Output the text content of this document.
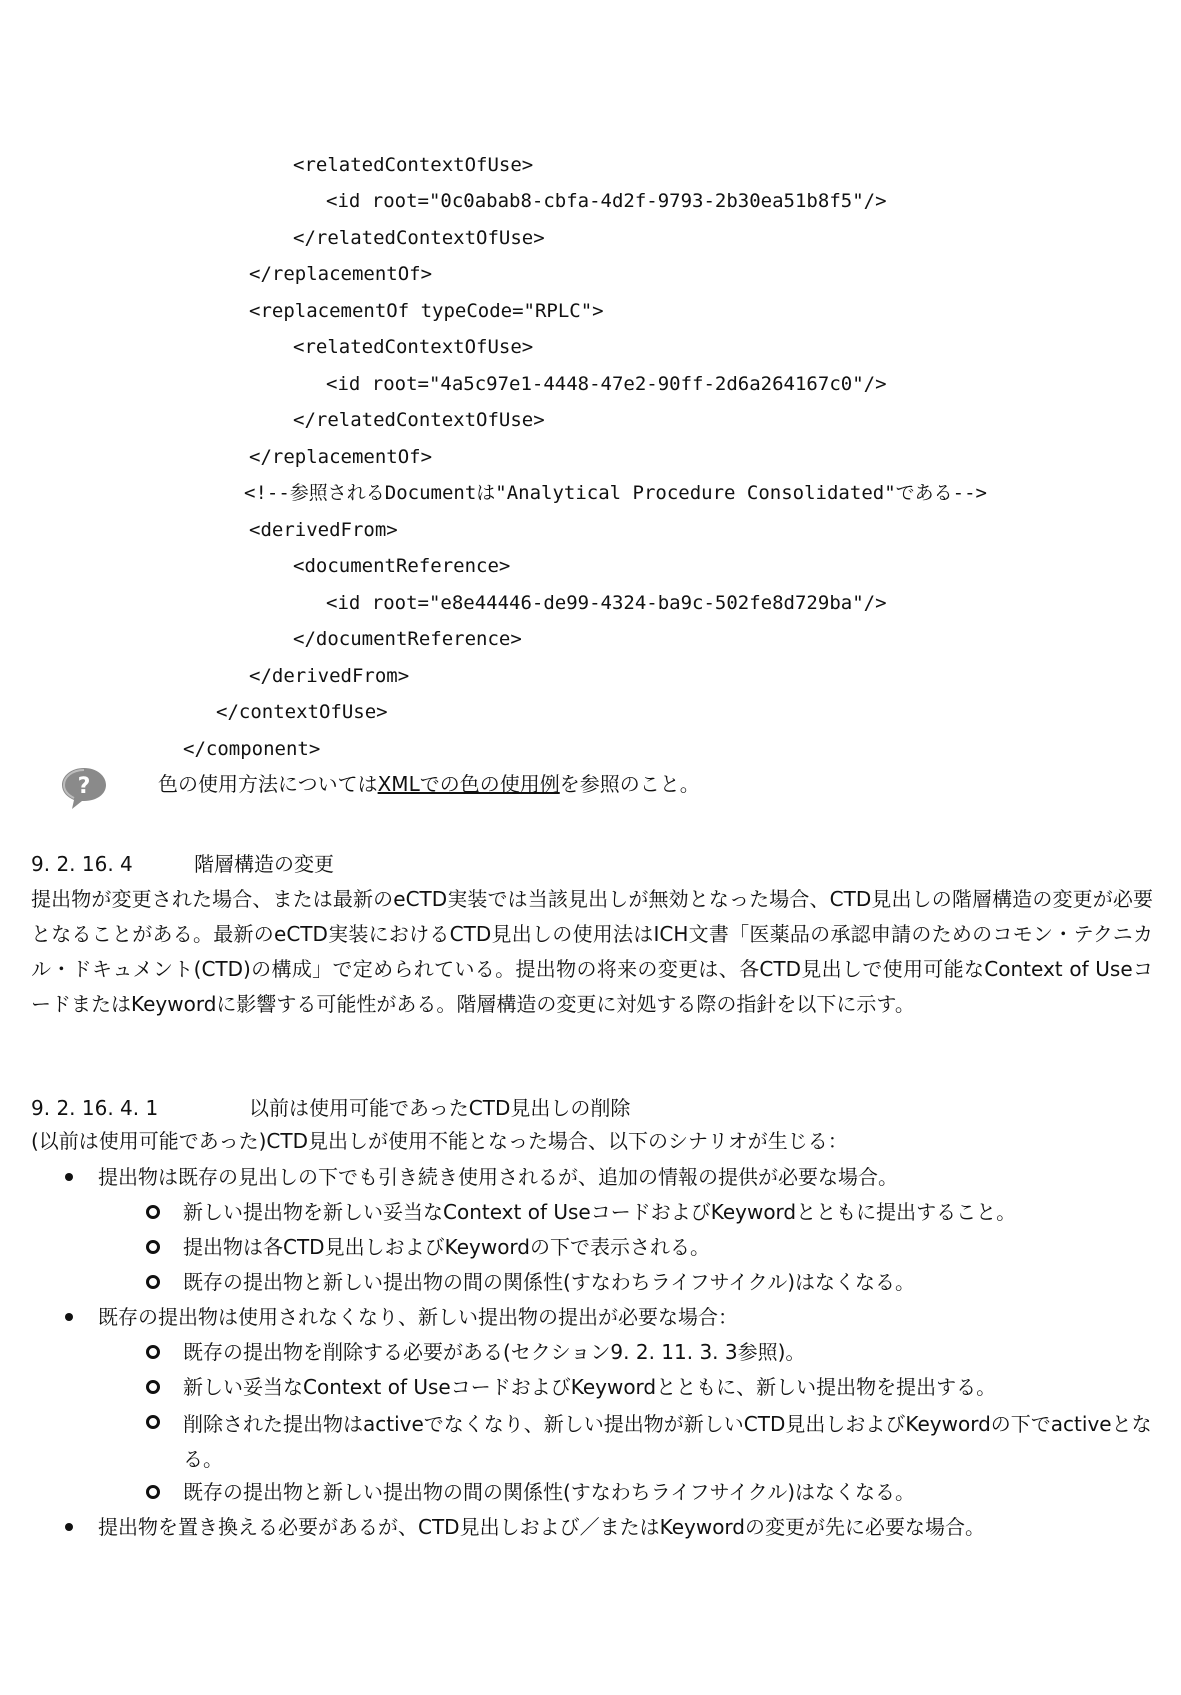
<relatedContextOfUse>
<id root="0c0abab8-cbfa-4d2f-9793-2b30ea51b8f5"/>
</relatedContextOfUse>
</replacementOf>
<replacementOf typeCode="RPLC">
<relatedContextOfUse>
<id root="4a5c97e1-4448-47e2-90ff-2d6a264167c0"/>
</relatedContextOfUse>
</replacementOf>
<!--参照されるDocumentは"Analytical Procedure Consolidated"である-->
<derivedFrom>
<documentReference>
<id root="e8e44446-de99-4324-ba9c-502fe8d729ba"/>
</documentReference>
</derivedFrom>
</contextOfUse>
</component>
?	色の使用方法についてはXMLでの色の使用例を参照のこと。
9. 2. 16. 4	階層構造の変更
提出物が変更された場合、または最新のeCTD実装では当該見出しが無効となった場合、CTD見出しの階層構造の変更が必要となることがある。最新のeCTD実装におけるCTD見出しの使用法はICH文書「医薬品の承認申請のためのコモン・テクニカル・ドキュメント(CTD)の構成」で定められている。提出物の将来の変更は、各CTD見出しで使用可能なContext of UseコードまたはKeywordに影響する可能性がある。階層構造の変更に対処する際の指針を以下に示す。
9. 2. 16. 4. 1	以前は使用可能であったCTD見出しの削除
(以前は使用可能であった)CTD見出しが使用不能となった場合、以下のシナリオが生じる：
提出物は既存の見出しの下でも引き続き使用されるが、追加の情報の提供が必要な場合。
新しい提出物を新しい妥当なContext of UseコードおよびKeywordとともに提出すること。
提出物は各CTD見出しおよびKeywordの下で表示される。
既存の提出物と新しい提出物の間の関係性(すなわちライフサイクル)はなくなる。
既存の提出物は使用されなくなり、新しい提出物の提出が必要な場合：
既存の提出物を削除する必要がある(セクション9. 2. 11. 3. 3参照)。
新しい妥当なContext of UseコードおよびKeywordとともに、新しい提出物を提出する。
削除された提出物はactiveでなくなり、新しい提出物が新しいCTD見出しおよびKeywordの下でactiveとなる。
既存の提出物と新しい提出物の間の関係性(すなわちライフサイクル)はなくなる。
提出物を置き換える必要があるが、CTD見出しおよび／またはKeywordの変更が先に必要な場合。
